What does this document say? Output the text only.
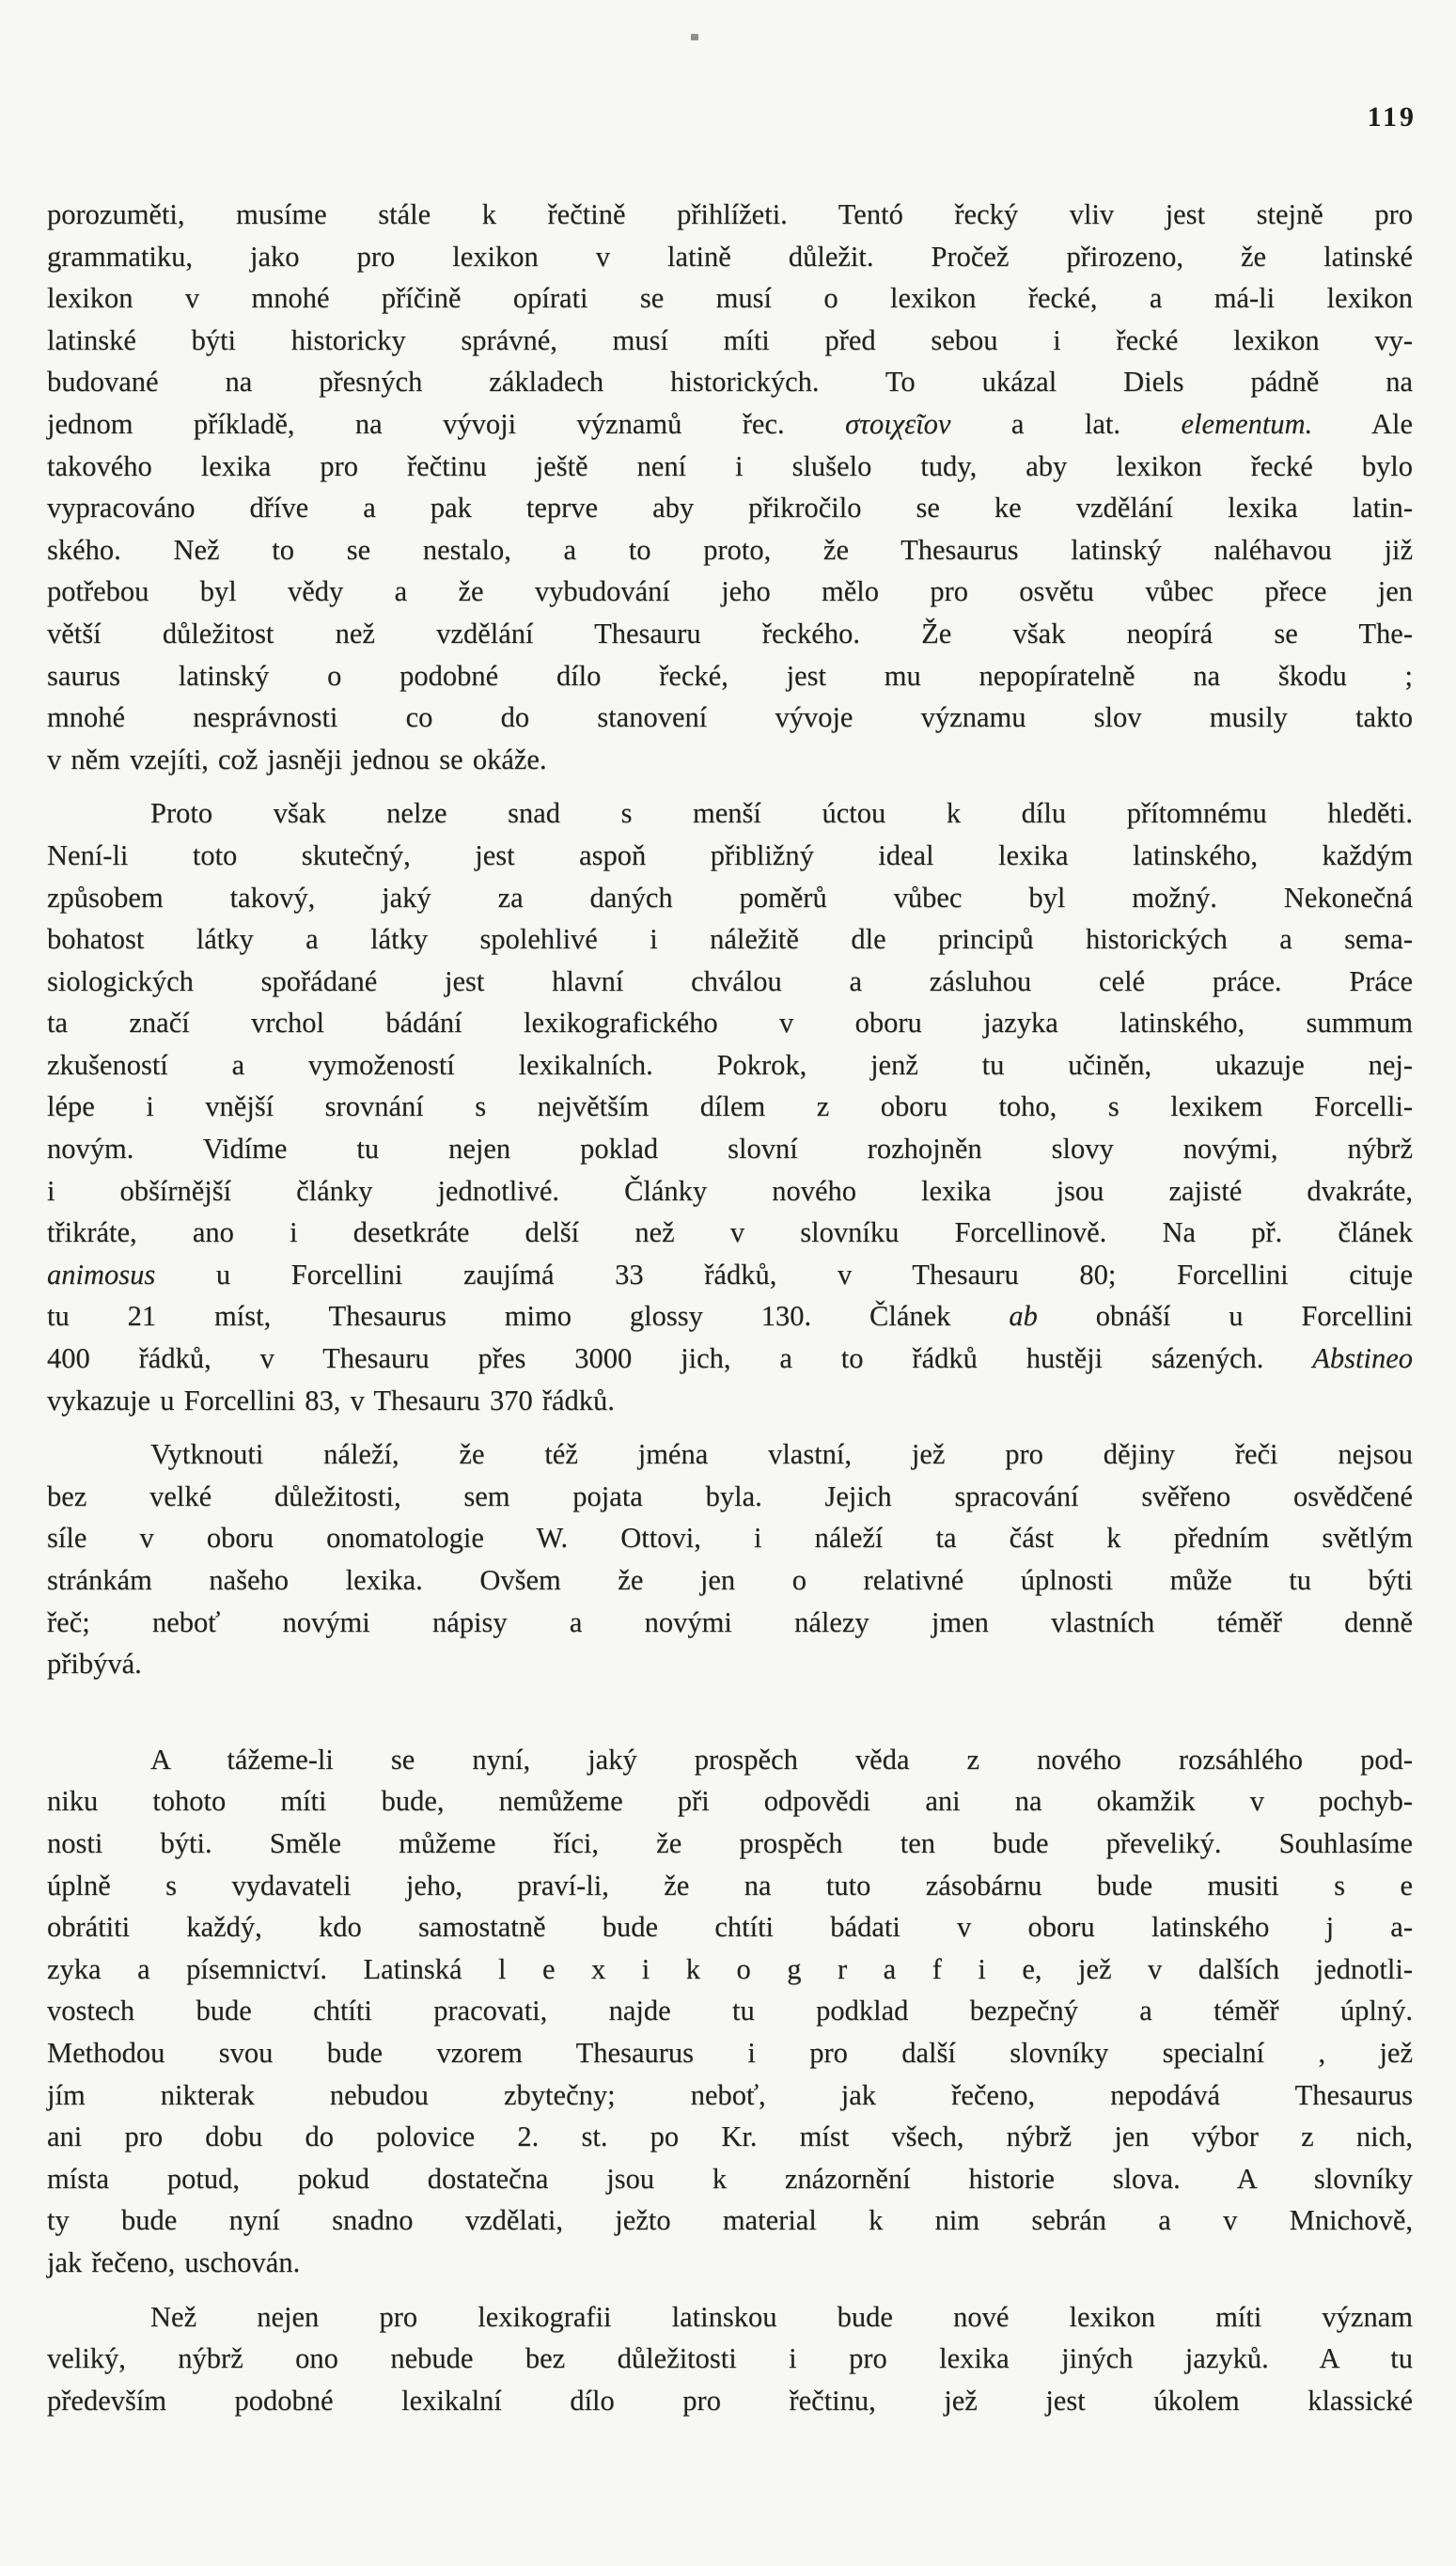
119
porozuměti, musíme stále k řečtině přihlížeti. Tentó řecký vliv jest stejně pro
grammatiku, jako pro lexikon v latině důležit. Pročež přirozeno, že latinské
lexikon v mnohé příčině opírati se musí o lexikon řecké, a má-li lexikon
latinské býti historicky správné, musí míti před sebou i řecké lexikon vy-
budované na přesných základech historických. To ukázal Diels pádně na
jednom příkladě, na vývoji významů řec. στοιχεῖον a lat. elementum. Ale
takového lexika pro řečtinu ještě není i slušelo tudy, aby lexikon řecké bylo
vypracováno dříve a pak teprve aby přikročilo se ke vzdělání lexika latin-
ského. Než to se nestalo, a to proto, že Thesaurus latinský naléhavou již
potřebou byl vědy a že vybudování jeho mělo pro osvětu vůbec přece jen
větší důležitost než vzdělání Thesauru řeckého. Že však neopírá se The-
saurus latinský o podobné dílo řecké, jest mu nepopíratelně na škodu ;
mnohé nesprávnosti co do stanovení vývoje významu slov musily takto
v něm vzejíti, což jasněji jednou se okáže.
Proto však nelze snad s menší úctou k dílu přítomnému hleděti.
Není-li toto skutečný, jest aspoň přibližný ideal lexika latinského, každým
způsobem takový, jaký za daných poměrů vůbec byl možný. Nekonečná
bohatost látky a látky spolehlivé i náležitě dle principů historických a sema-
siologických spořádané jest hlavní chválou a zásluhou celé práce. Práce
ta značí vrchol bádání lexikografického v oboru jazyka latinského, summum
zkušeností a vymožeností lexikalních. Pokrok, jenž tu učiněn, ukazuje nej-
lépe i vnější srovnání s největším dílem z oboru toho, s lexikem Forcelli-
novým. Vidíme tu nejen poklad slovní rozhojněn slovy novými, nýbrž
i obšírnější články jednotlivé. Články nového lexika jsou zajisté dvakráte,
třikráte, ano i desetkráte delší než v slovníku Forcellinově. Na př. článek
animosus u Forcellini zaujímá 33 řádků, v Thesauru 80; Forcellini cituje
tu 21 míst, Thesaurus mimo glossy 130. Článek ab obnáší u Forcellini
400 řádků, v Thesauru přes 3000 jich, a to řádků hustěji sázených. Abstineo
vykazuje u Forcellini 83, v Thesauru 370 řádků.
Vytknouti náleží, že též jména vlastní, jež pro dějiny řeči nejsou
bez velké důležitosti, sem pojata byla. Jejich spracování svěřeno osvědčené
síle v oboru onomatologie W. Ottovi, i náleží ta část k předním světlým
stránkám našeho lexika. Ovšem že jen o relativné úplnosti může tu býti
řeč; neboť novými nápisy a novými nálezy jmen vlastních téměř denně
přibývá.
A tážeme-li se nyní, jaký prospěch věda z nového rozsáhlého pod-
niku tohoto míti bude, nemůžeme při odpovědi ani na okamžik v pochyb-
nosti býti. Směle můžeme říci, že prospěch ten bude převeliký. Souhlasíme
úplně s vydavateli jeho, praví-li, že na tuto zásobárnu bude musiti s e
obrátiti každý, kdo samostatně bude chtíti bádati v oboru latinského j a-
zyka a písemnictví. Latinská l e x i k o g r a f i e, jež v dalších jednotli-
vostech bude chtíti pracovati, najde tu podklad bezpečný a téměř úplný.
Methodou svou bude vzorem Thesaurus i pro další slovníky specialní , jež
jím nikterak nebudou zbytečny; neboť, jak řečeno, nepodává Thesaurus
ani pro dobu do polovice 2. st. po Kr. míst všech, nýbrž jen výbor z nich,
místa potud, pokud dostatečna jsou k znázornění historie slova. A slovníky
ty bude nyní snadno vzdělati, ježto material k nim sebrán a v Mnichově,
jak řečeno, uschován.
Než nejen pro lexikografii latinskou bude nové lexikon míti význam
veliký, nýbrž ono nebude bez důležitosti i pro lexika jiných jazyků. A tu
především podobné lexikalní dílo pro řečtinu, jež jest úkolem klassické
